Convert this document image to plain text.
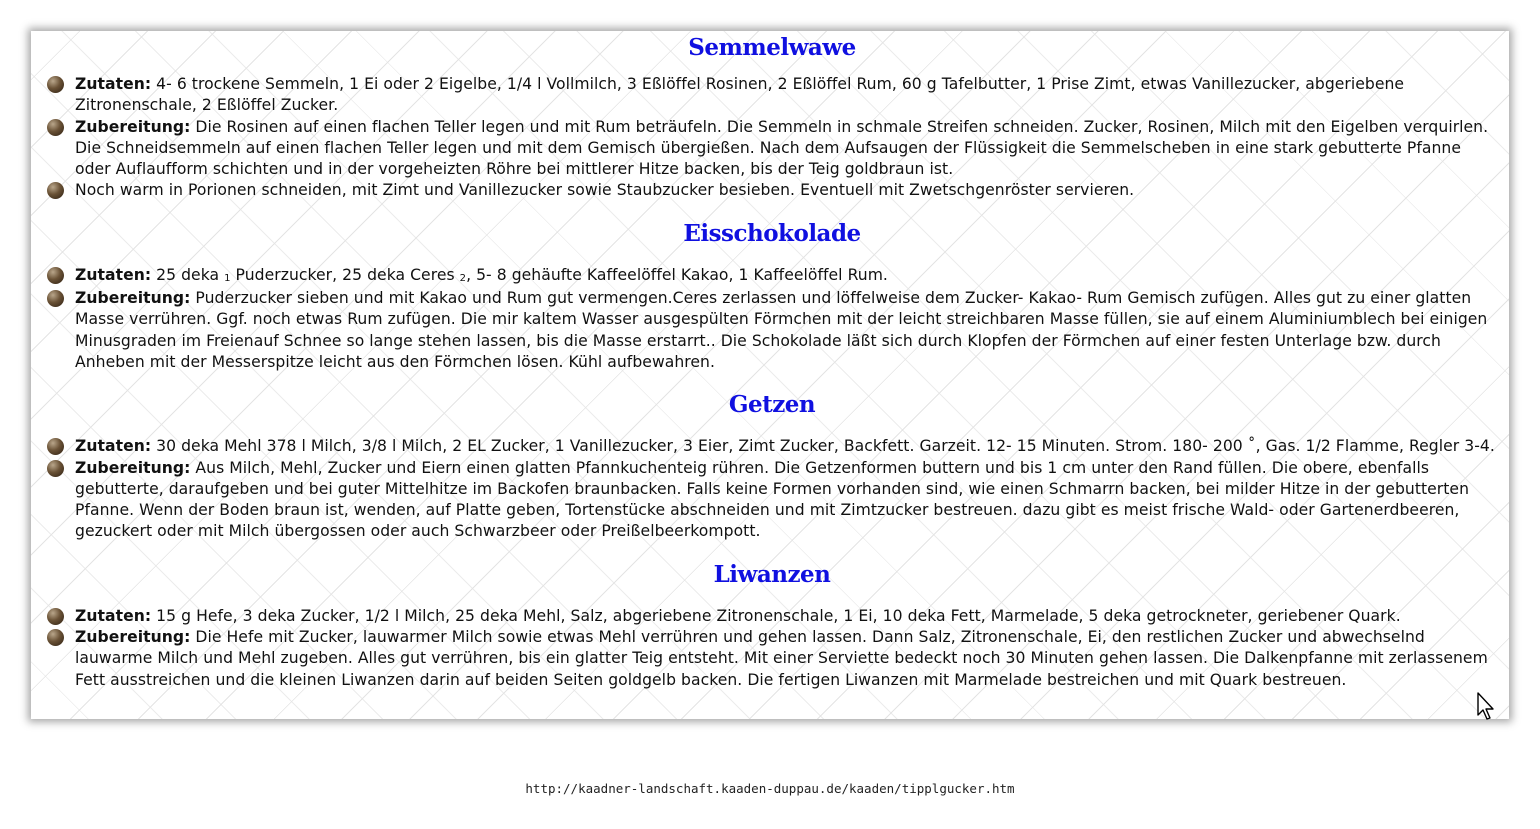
Semmelwawe
Zutaten: 4- 6 trockene Semmeln, 1 Ei oder 2 Eigelbe, 1/4 l Vollmilch, 3 Eßlöffel Rosinen, 2 Eßlöffel Rum, 60 g Tafelbutter, 1 Prise Zimt, etwas Vanillezucker, abgeriebene Zitronenschale, 2 Eßlöffel Zucker.
Zubereitung: Die Rosinen auf einen flachen Teller legen und mit Rum beträufeln. Die Semmeln in schmale Streifen schneiden. Zucker, Rosinen, Milch mit den Eigelben verquirlen. Die Schneidsemmeln auf einen flachen Teller legen und mit dem Gemisch übergießen. Nach dem Aufsaugen der Flüssigkeit die Semmelscheben in eine stark gebutterte Pfanne oder Auflaufform schichten und in der vorgeheizten Röhre bei mittlerer Hitze backen, bis der Teig goldbraun ist.
Noch warm in Porionen schneiden, mit Zimt und Vanillezucker sowie Staubzucker besieben. Eventuell mit Zwetschgenröster servieren.
Eisschokolade
Zutaten: 25 deka $_1$ Puderzucker, 25 deka Ceres $_2$, 5- 8 gehäufte Kaffeelöffel Kakao, 1 Kaffeelöffel Rum.
Zubereitung: Puderzucker sieben und mit Kakao und Rum gut vermengen.Ceres zerlassen und löffelweise dem Zucker- Kakao- Rum Gemisch zufügen. Alles gut zu einer glatten Masse verrühren. Ggf. noch etwas Rum zufügen. Die mir kaltem Wasser ausgespülten Förmchen mit der leicht streichbaren Masse füllen, sie auf einem Aluminiumblech bei einigen Minusgraden im Freienauf Schnee so lange stehen lassen, bis die Masse erstarrt.. Die Schokolade läßt sich durch Klopfen der Förmchen auf einer festen Unterlage bzw. durch Anheben mit der Messerspitze leicht aus den Förmchen lösen. Kühl aufbewahren.
Getzen
Zutaten: 30 deka Mehl 378 l Milch, 3/8 l Milch, 2 EL Zucker, 1 Vanillezucker, 3 Eier, Zimt Zucker, Backfett. Garzeit. 12- 15 Minuten. Strom. 180- 200 ˚, Gas. 1/2 Flamme, Regler 3-4.
Zubereitung: Aus Milch, Mehl, Zucker und Eiern einen glatten Pfannkuchenteig rühren. Die Getzenformen buttern und bis 1 cm unter den Rand füllen. Die obere, ebenfalls gebutterte, daraufgeben und bei guter Mittelhitze im Backofen braunbacken. Falls keine Formen vorhanden sind, wie einen Schmarrn backen, bei milder Hitze in der gebutterten Pfanne. Wenn der Boden braun ist, wenden, auf Platte geben, Tortenstücke abschneiden und mit Zimtzucker bestreuen. dazu gibt es meist frische Wald- oder Gartenerdbeeren, gezuckert oder mit Milch übergossen oder auch Schwarzbeer oder Preißelbeerkompott.
Liwanzen
Zutaten: 15 g Hefe, 3 deka Zucker, 1/2 l Milch, 25 deka Mehl, Salz, abgeriebene Zitronenschale, 1 Ei, 10 deka Fett, Marmelade, 5 deka getrockneter, geriebener Quark.
Zubereitung: Die Hefe mit Zucker, lauwarmer Milch sowie etwas Mehl verrühren und gehen lassen. Dann Salz, Zitronenschale, Ei, den restlichen Zucker und abwechselnd lauwarme Milch und Mehl zugeben. Alles gut verrühren, bis ein glatter Teig entsteht. Mit einer Serviette bedeckt noch 30 Minuten gehen lassen. Die Dalkenpfanne mit zerlassenem Fett ausstreichen und die kleinen Liwanzen darin auf beiden Seiten goldgelb backen. Die fertigen Liwanzen mit Marmelade bestreichen und mit Quark bestreuen.
http://kaadner-landschaft.kaaden-duppau.de/kaaden/tipplgucker.htm
